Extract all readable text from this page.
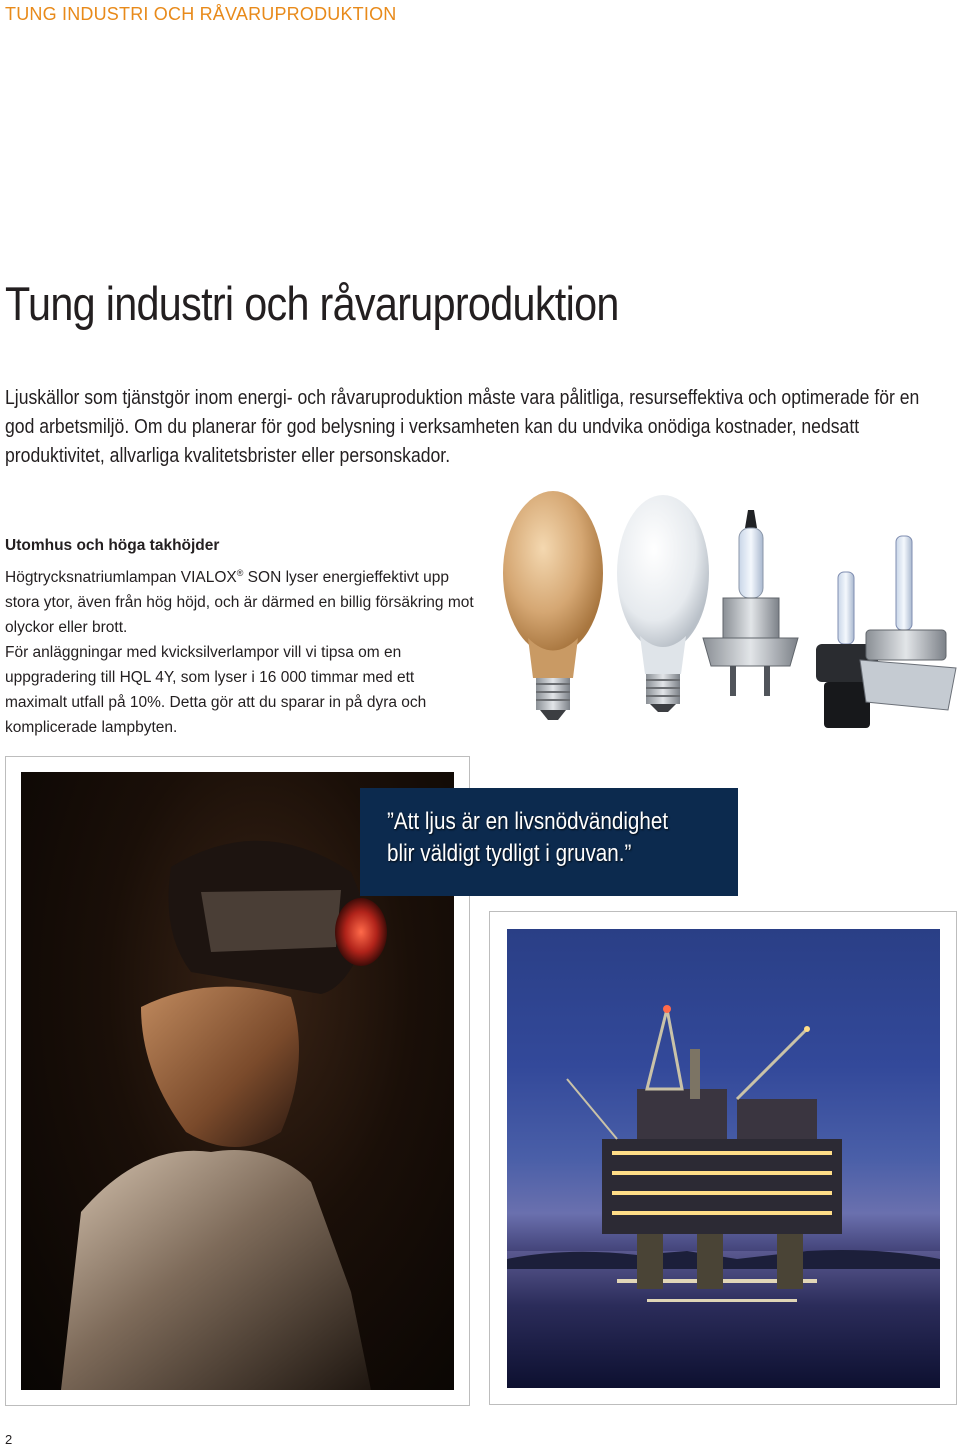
TUNG INDUSTRI OCH RÅVARUPRODUKTION
Tung industri och råvaruproduktion

Ljuskällor som tjänstgör inom energi- och råvaruproduktion måste vara pålitliga, resurseffektiva och optimerade för en god arbetsmiljö. Om du planerar för god belysning i verksamheten kan du undvika onödiga kostnader, nedsatt produktivitet, allvarliga kvalitetsbrister eller personskador.

Utomhus och höga takhöjder

Högtrycksnatriumlampan VIALOX® SON lyser energieffektivt upp stora ytor, även från hög höjd, och är därmed en billig försäkring mot olyckor eller brott.

För anläggningar med kvicksilverlampor vill vi tipsa om en uppgradering till HQL 4Y, som lyser i 16 000 timmar med ett maximalt utfall på 10%. Detta gör att du sparar in på dyra och komplicerade lampbyten.

”Att ljus är en livsnödvändighet
blir väldigt tydligt i gruvan.”
2
